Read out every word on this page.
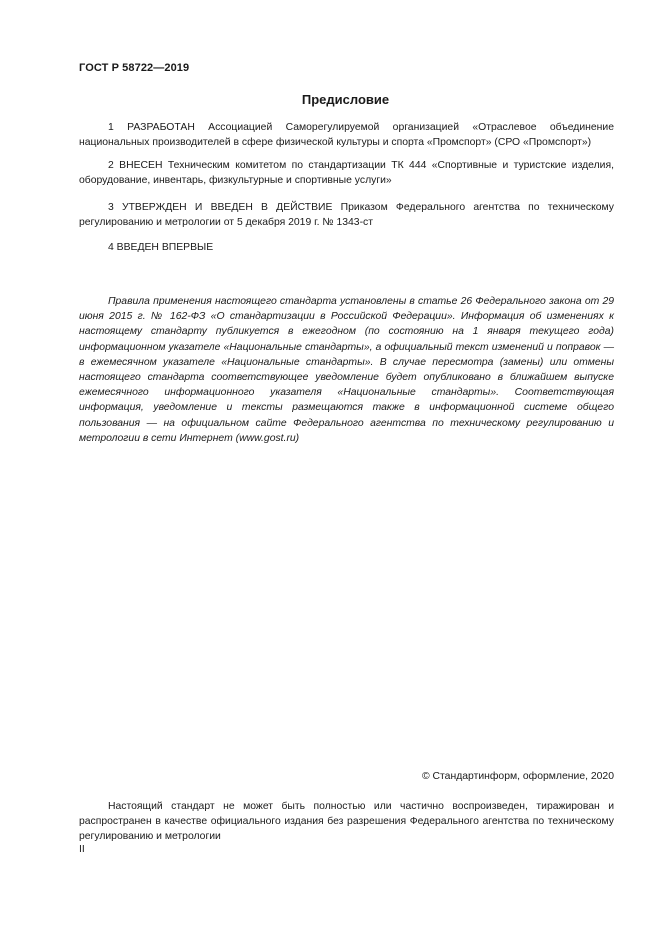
ГОСТ Р 58722—2019
Предисловие
1 РАЗРАБОТАН Ассоциацией Саморегулируемой организацией «Отраслевое объединение национальных производителей в сфере физической культуры и спорта «Промспорт» (СРО «Промспорт»)
2 ВНЕСЕН Техническим комитетом по стандартизации ТК 444 «Спортивные и туристские изделия, оборудование, инвентарь, физкультурные и спортивные услуги»
3 УТВЕРЖДЕН И ВВЕДЕН В ДЕЙСТВИЕ Приказом Федерального агентства по техническому регулированию и метрологии от 5 декабря 2019 г. № 1343-ст
4 ВВЕДЕН ВПЕРВЫЕ
Правила применения настоящего стандарта установлены в статье 26 Федерального закона от 29 июня 2015 г. № 162-ФЗ «О стандартизации в Российской Федерации». Информация об изменениях к настоящему стандарту публикуется в ежегодном (по состоянию на 1 января текущего года) информационном указателе «Национальные стандарты», а официальный текст изменений и поправок — в ежемесячном указателе «Национальные стандарты». В случае пересмотра (замены) или отмены настоящего стандарта соответствующее уведомление будет опубликовано в ближайшем выпуске ежемесячного информационного указателя «Национальные стандарты». Соответствующая информация, уведомление и тексты размещаются также в информационной системе общего пользования — на официальном сайте Федерального агентства по техническому регулированию и метрологии в сети Интернет (www.gost.ru)
© Стандартинформ, оформление, 2020
Настоящий стандарт не может быть полностью или частично воспроизведен, тиражирован и распространен в качестве официального издания без разрешения Федерального агентства по техническому регулированию и метрологии
II
